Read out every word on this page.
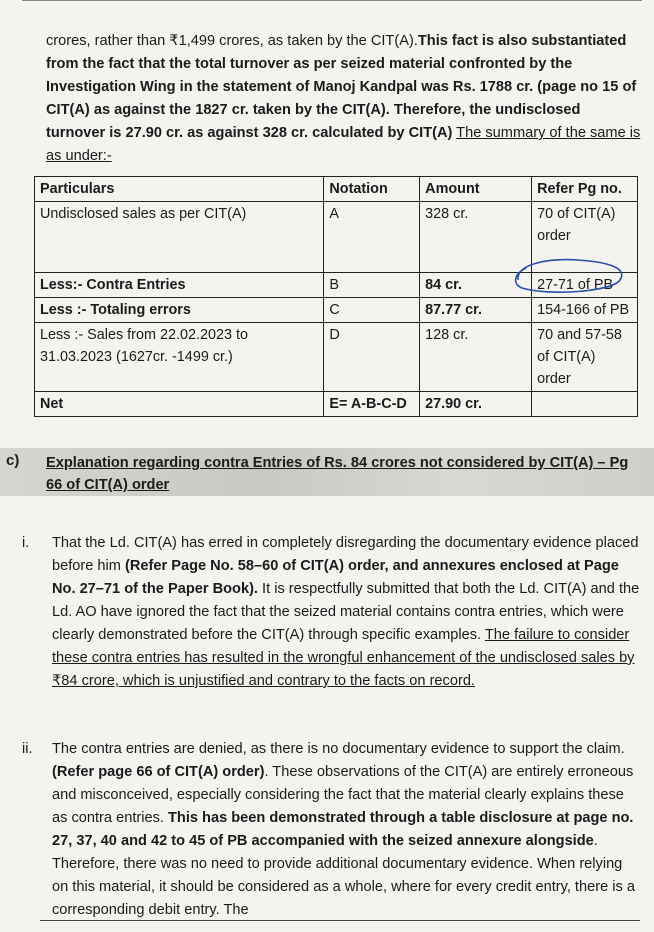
crores, rather than ₹1,499 crores, as taken by the CIT(A).This fact is also substantiated from the fact that the total turnover as per seized material confronted by the Investigation Wing in the statement of Manoj Kandpal was Rs. 1788 cr. (page no 15 of CIT(A) as against the 1827 cr. taken by the CIT(A). Therefore, the undisclosed turnover is 27.90 cr. as against 328 cr. calculated by CIT(A) The summary of the same is as under:-

Particulars	Notation	Amount	Refer Pg no.
Undisclosed sales as per CIT(A)	A	328 cr.	70 of CIT(A) order
Less:- Contra Entries	B	84 cr.	27-71 of PB
Less :- Totaling errors	C	87.77 cr.	154-166 of PB
Less :- Sales from 22.02.2023 to 31.03.2023 (1627cr. -1499 cr.)	D	128 cr.	70 and 57-58 of CIT(A) order
Net	E= A-B-C-D	27.90 cr.	
c) Explanation regarding contra Entries of Rs. 84 crores not considered by CIT(A) – Pg 66 of CIT(A) order
i. That the Ld. CIT(A) has erred in completely disregarding the documentary evidence placed before him (Refer Page No. 58–60 of CIT(A) order, and annexures enclosed at Page No. 27–71 of the Paper Book). It is respectfully submitted that both the Ld. CIT(A) and the Ld. AO have ignored the fact that the seized material contains contra entries, which were clearly demonstrated before the CIT(A) through specific examples. The failure to consider these contra entries has resulted in the wrongful enhancement of the undisclosed sales by ₹84 crore, which is unjustified and contrary to the facts on record.
ii. The contra entries are denied, as there is no documentary evidence to support the claim. (Refer page 66 of CIT(A) order). These observations of the CIT(A) are entirely erroneous and misconceived, especially considering the fact that the material clearly explains these as contra entries. This has been demonstrated through a table disclosure at page no. 27, 37, 40 and 42 to 45 of PB accompanied with the seized annexure alongside. Therefore, there was no need to provide additional documentary evidence. When relying on this material, it should be considered as a whole, where for every credit entry, there is a corresponding debit entry. The
